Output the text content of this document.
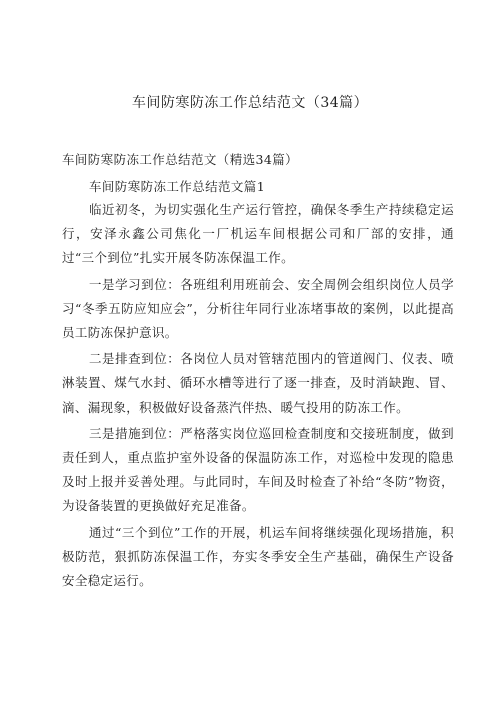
车间防寒防冻工作总结范文（34篇）
车间防寒防冻工作总结范文（精选34篇）
车间防寒防冻工作总结范文篇1

临近初冬，为切实强化生产运行管控，确保冬季生产持续稳定运行，安泽永鑫公司焦化一厂机运车间根据公司和厂部的安排，通过“三个到位”扎实开展冬防冻保温工作。

一是学习到位：各班组利用班前会、安全周例会组织岗位人员学习“冬季五防应知应会”，分析往年同行业冻堵事故的案例，以此提高员工防冻保护意识。

二是排查到位：各岗位人员对管辖范围内的管道阀门、仪表、喷淋装置、煤气水封、循环水槽等进行了逐一排查，及时消缺跑、冒、滴、漏现象，积极做好设备蒸汽伴热、暖气投用的防冻工作。

三是措施到位：严格落实岗位巡回检查制度和交接班制度，做到责任到人，重点监护室外设备的保温防冻工作，对巡检中发现的隐患及时上报并妥善处理。与此同时，车间及时检查了补给“冬防”物资，为设备装置的更换做好充足准备。

通过“三个到位”工作的开展，机运车间将继续强化现场措施，积极防范，狠抓防冻保温工作，夯实冬季安全生产基础，确保生产设备安全稳定运行。
